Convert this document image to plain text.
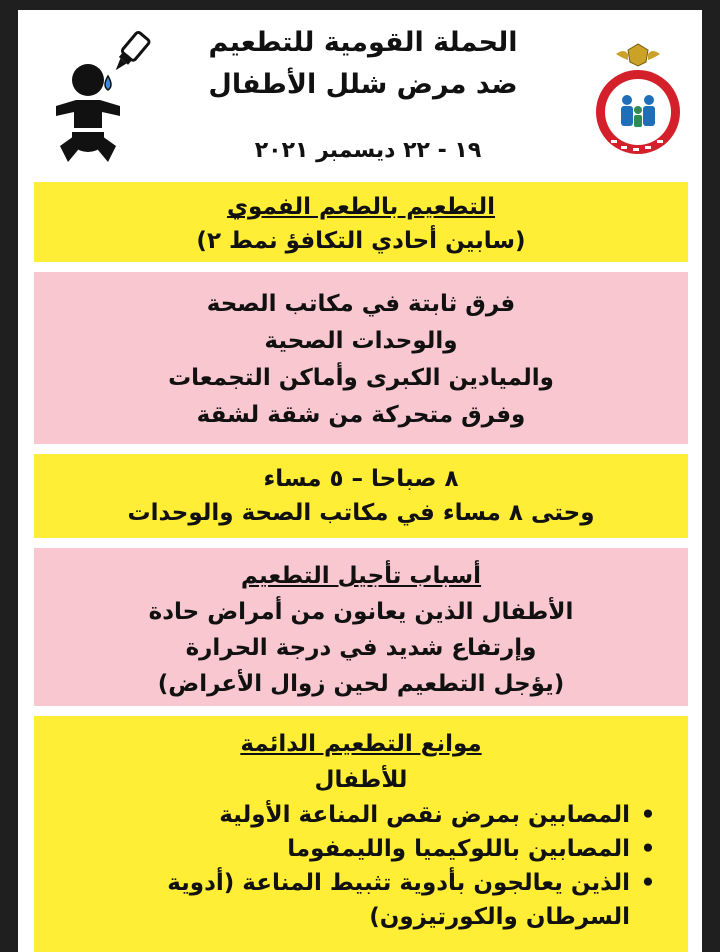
الحملة القومية للتطعيم
ضد مرض شلل الأطفال
١٩ - ٢٢ ديسمبر ٢٠٢١
التطعيم بالطعم الفموي
(سابين أحادي التكافؤ نمط ٢)
فرق ثابتة في مكاتب الصحة
والوحدات الصحية
والميادين الكبرى وأماكن التجمعات
وفرق متحركة من شقة لشقة
٨ صباحا – ٥ مساء
وحتى ٨ مساء في مكاتب الصحة والوحدات
أسباب تأجيل التطعيم
الأطفال الذين يعانون من أمراض حادة
وإرتفاع شديد في درجة الحرارة
(يؤجل التطعيم لحين زوال الأعراض)
موانع التطعيم الدائمة
للأطفال
•
المصابين بمرض نقص المناعة الأولية
•
المصابين باللوكيميا والليمفوما
•
الذين يعالجون بأدوية تثبيط المناعة (أدوية
السرطان والكورتيزون)
